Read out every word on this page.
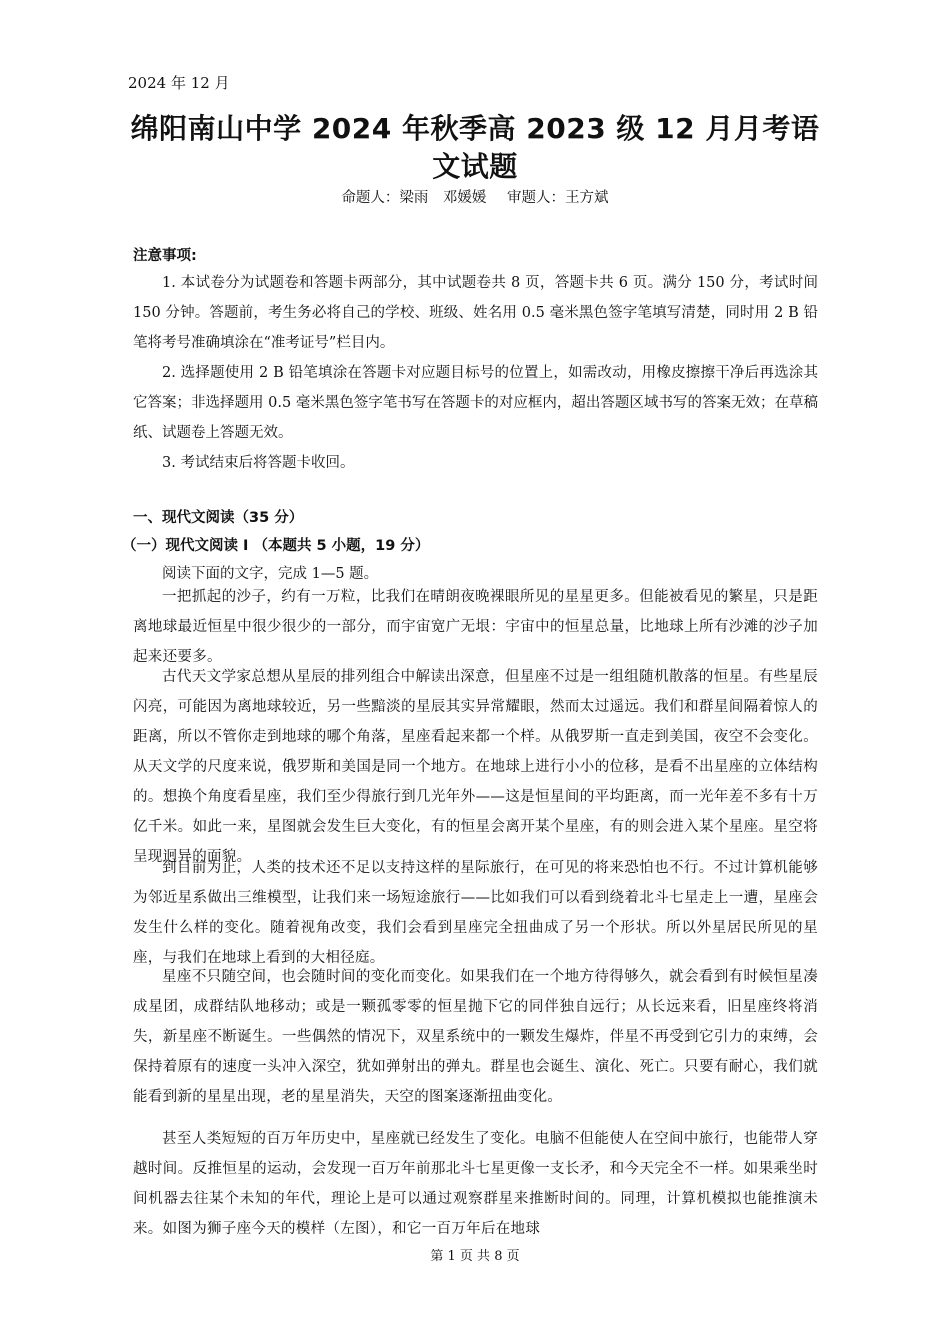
2024 年 12 月
绵阳南山中学 2024 年秋季高 2023 级 12 月月考语文试题
命题人：梁雨　邓媛媛 审题人：王方斌
注意事项:

1. 本试卷分为试题卷和答题卡两部分，其中试题卷共 8 页，答题卡共 6 页。满分 150 分，考试时间 150 分钟。答题前，考生务必将自己的学校、班级、姓名用 0.5 毫米黑色签字笔填写清楚，同时用 2 B 铅笔将考号准确填涂在“准考证号”栏目内。

2. 选择题使用 2 B 铅笔填涂在答题卡对应题目标号的位置上，如需改动，用橡皮擦擦干净后再选涂其它答案；非选择题用 0.5 毫米黑色签字笔书写在答题卡的对应框内，超出答题区域书写的答案无效；在草稿纸、试题卷上答题无效。

3. 考试结束后将答题卡收回。

一、现代文阅读（35 分）
（一）现代文阅读 I （本题共 5 小题，19 分）
阅读下面的文字，完成 1—5 题。

一把抓起的沙子，约有一万粒，比我们在晴朗夜晚裸眼所见的星星更多。但能被看见的繁星，只是距离地球最近恒星中很少很少的一部分，而宇宙宽广无垠：宇宙中的恒星总量，比地球上所有沙滩的沙子加起来还要多。

古代天文学家总想从星辰的排列组合中解读出深意，但星座不过是一组组随机散落的恒星。有些星辰闪亮，可能因为离地球较近，另一些黯淡的星辰其实异常耀眼，然而太过遥远。我们和群星间隔着惊人的距离，所以不管你走到地球的哪个角落，星座看起来都一个样。从俄罗斯一直走到美国，夜空不会变化。从天文学的尺度来说，俄罗斯和美国是同一个地方。在地球上进行小小的位移，是看不出星座的立体结构的。想换个角度看星座，我们至少得旅行到几光年外——这是恒星间的平均距离，而一光年差不多有十万亿千米。如此一来，星图就会发生巨大变化，有的恒星会离开某个星座，有的则会进入某个星座。星空将呈现迥异的面貌。

到目前为止，人类的技术还不足以支持这样的星际旅行，在可见的将来恐怕也不行。不过计算机能够为邻近星系做出三维模型，让我们来一场短途旅行——比如我们可以看到绕着北斗七星走上一遭，星座会发生什么样的变化。随着视角改变，我们会看到星座完全扭曲成了另一个形状。所以外星居民所见的星座，与我们在地球上看到的大相径庭。

星座不只随空间，也会随时间的变化而变化。如果我们在一个地方待得够久，就会看到有时候恒星凑成星团，成群结队地移动；或是一颗孤零零的恒星抛下它的同伴独自远行；从长远来看，旧星座终将消失，新星座不断诞生。一些偶然的情况下，双星系统中的一颗发生爆炸，伴星不再受到它引力的束缚，会保持着原有的速度一头冲入深空，犹如弹射出的弹丸。群星也会诞生、演化、死亡。只要有耐心，我们就能看到新的星星出现，老的星星消失，天空的图案逐渐扭曲变化。

甚至人类短短的百万年历史中，星座就已经发生了变化。电脑不但能使人在空间中旅行，也能带人穿越时间。反推恒星的运动，会发现一百万年前那北斗七星更像一支长矛，和今天完全不一样。如果乘坐时间机器去往某个未知的年代，理论上是可以通过观察群星来推断时间的。同理，计算机模拟也能推演未来。如图为狮子座今天的模样（左图），和它一百万年后在地球

第 1 页 共 8 页
